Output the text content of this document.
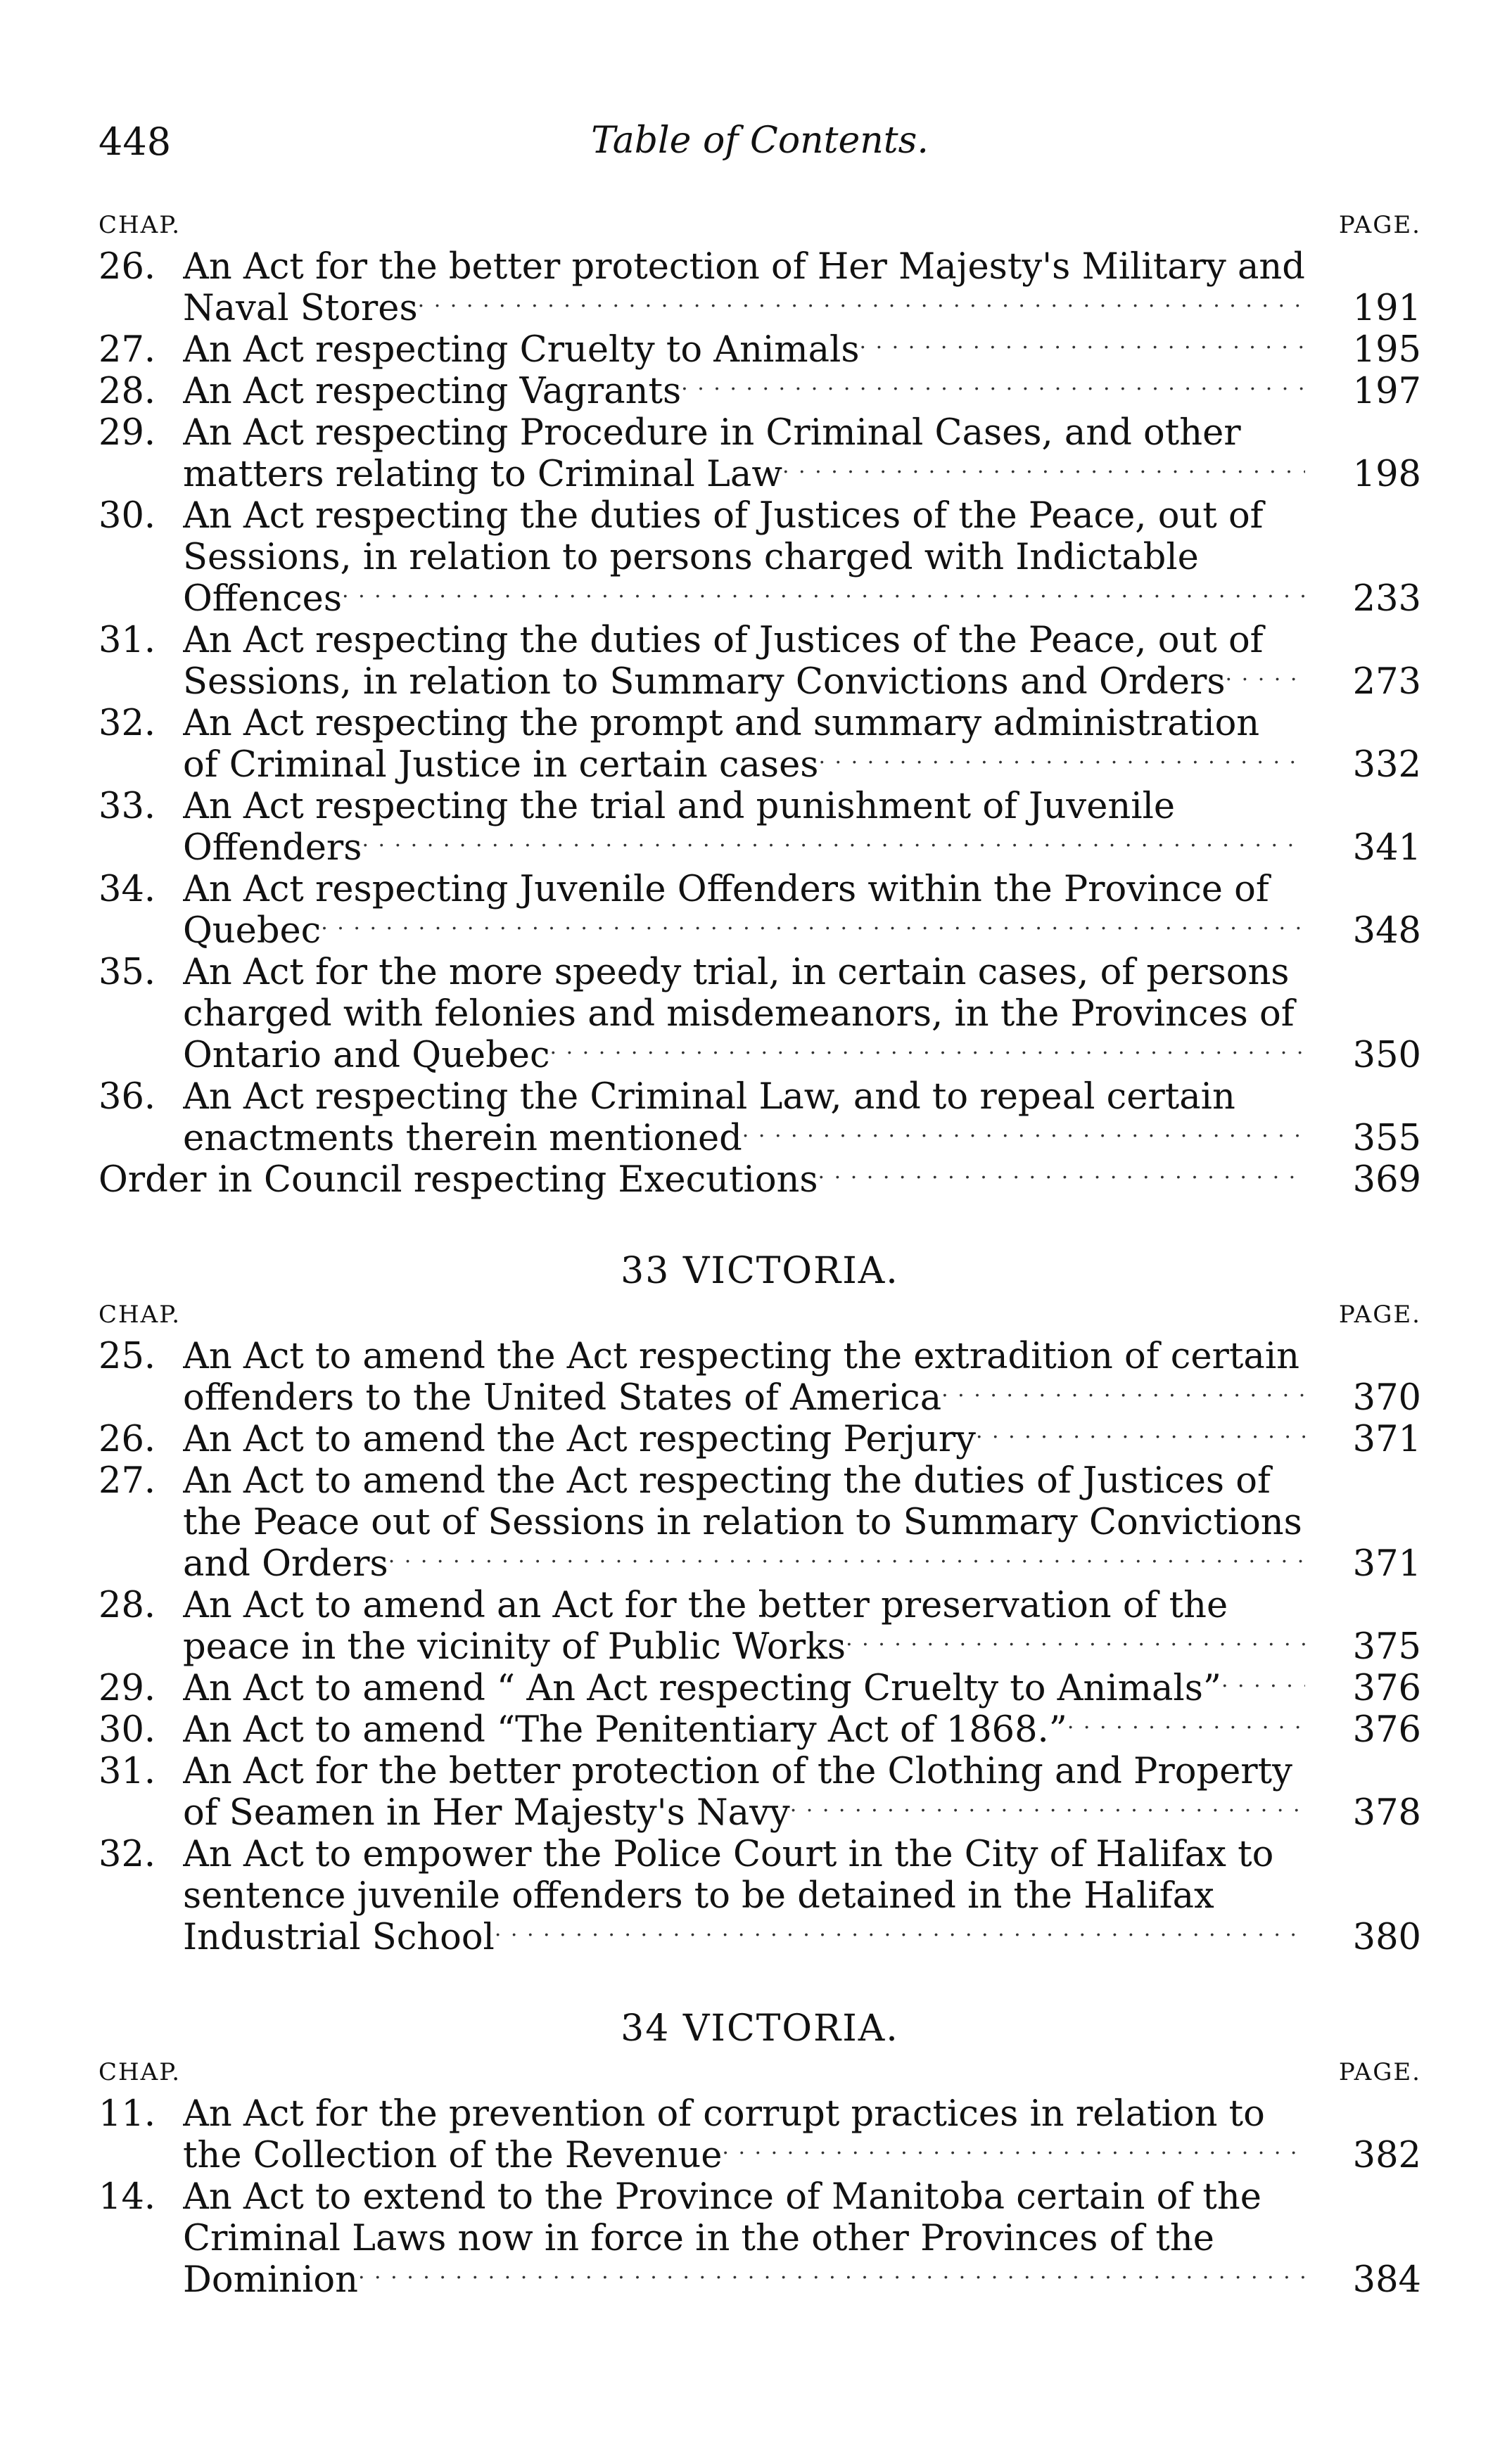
448	Table of Contents.
CHAP.	PAGE.
26. An Act for the better protection of Her Majesty's Military and Naval Stores . . .	191
27. An Act respecting Cruelty to Animals . . .	195
28. An Act respecting Vagrants . . .	197
29. An Act respecting Procedure in Criminal Cases, and other matters relating to Criminal Law . . .	198
30. An Act respecting the duties of Justices of the Peace, out of Sessions, in relation to persons charged with Indictable Offences . . .	233
31. An Act respecting the duties of Justices of the Peace, out of Sessions, in relation to Summary Convictions and Orders . . .	273
32. An Act respecting the prompt and summary administration of Criminal Justice in certain cases . . .	332
33. An Act respecting the trial and punishment of Juvenile Offenders . . .	341
34. An Act respecting Juvenile Offenders within the Province of Quebec . . .	348
35. An Act for the more speedy trial, in certain cases, of persons charged with felonies and misdemeanors, in the Provinces of Ontario and Quebec . . .	350
36. An Act respecting the Criminal Law, and to repeal certain enactments therein mentioned . . .	355
Order in Council respecting Executions . . .	369
33 VICTORIA.
CHAP.	PAGE.
25. An Act to amend the Act respecting the extradition of certain offenders to the United States of America . . .	370
26. An Act to amend the Act respecting Perjury . . .	371
27. An Act to amend the Act respecting the duties of Justices of the Peace out of Sessions in relation to Summary Convictions and Orders . . .	371
28. An Act to amend an Act for the better preservation of the peace in the vicinity of Public Works . . .	375
29. An Act to amend “ An Act respecting Cruelty to Animals” . . .	376
30. An Act to amend “The Penitentiary Act of 1868.” . . .	376
31. An Act for the better protection of the Clothing and Property of Seamen in Her Majesty's Navy . . .	378
32. An Act to empower the Police Court in the City of Halifax to sentence juvenile offenders to be detained in the Halifax Industrial School . . .	380
34 VICTORIA.
CHAP.	PAGE.
11. An Act for the prevention of corrupt practices in relation to the Collection of the Revenue . . .	382
14. An Act to extend to the Province of Manitoba certain of the Criminal Laws now in force in the other Provinces of the Dominion . . .	384
